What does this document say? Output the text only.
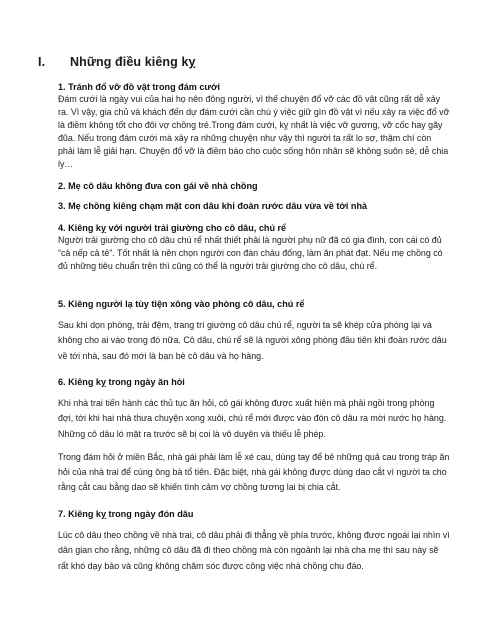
I. Những điều kiêng kỵ
1. Tránh đổ vỡ đồ vật trong đám cưới

Đám cưới là ngày vui của hai họ nên đông người, vì thế chuyện đổ vỡ các đồ vật cũng rất dễ xảy ra. Vì vậy, gia chủ và khách đến dự đám cưới cần chú ý việc giữ gìn đồ vật vì nếu xảy ra việc đổ vỡ là điềm không tốt cho đôi vợ chồng trẻ.Trong đám cưới, kỵ nhất là việc vỡ gương, vỡ cốc hay gãy đũa. Nếu trong đám cưới mà xảy ra những chuyện như vậy thì người ta rất lo sợ, thậm chí còn phải làm lễ giải hạn. Chuyện đổ vỡ là điềm báo cho cuộc sống hôn nhân sẽ không suôn sẻ, dễ chia ly…

2. Mẹ cô dâu không đưa con gái về nhà chồng
3. Mẹ chồng kiêng chạm mặt con dâu khi đoàn rước dâu vừa về tới nhà
4. Kiêng kỵ với người trải giường cho cô dâu, chú rể

Người trải giường cho cô dâu chú rể nhất thiết phải là người phụ nữ đã có gia đình, con cái có đủ “cả nếp cả tẻ”. Tốt nhất là nên chọn người con đàn cháu đống, làm ăn phát đạt. Nếu mẹ chồng có đủ những tiêu chuẩn trên thì cũng có thể là người trải giường cho cô dâu, chú rể.

5. Kiêng người lạ tùy tiện xông vào phòng cô dâu, chú rể

Sau khi dọn phòng, trải đệm, trang trí giường cô dâu chú rể, người ta sẽ khép cửa phòng lại và không cho ai vào trong đó nữa. Cô dâu, chú rể sẽ là người xông phòng đầu tiên khi đoàn rước dâu về tới nhà, sau đó mới là bạn bè cô dâu và họ hàng.

6. Kiêng kỵ trong ngày ăn hỏi

Khi nhà trai tiến hành các thủ tục ăn hỏi, cô gái không được xuất hiện mà phải ngồi trong phòng đợi, tới khi hai nhà thưa chuyện xong xuôi, chú rể mới được vào đón cô dâu ra mời nước họ hàng. Những cô dâu ló mặt ra trước sẽ bị coi là vô duyên và thiếu lễ phép.

Trong đám hỏi ở miền Bắc, nhà gái phải làm lễ xé cau, dùng tay để bẻ những quả cau trong tráp ăn hỏi của nhà trai để cúng ông bà tổ tiên. Đặc biệt, nhà gái không được dùng dao cắt vì người ta cho rằng cắt cau bằng dao sẽ khiến tình cảm vợ chồng tương lai bị chia cắt.

7. Kiêng kỵ trong ngày đón dâu

Lúc cô dâu theo chồng về nhà trai, cô dâu phải đi thẳng về phía trước, không được ngoái lại nhìn vì dân gian cho rằng, những cô dâu đã đi theo chồng mà còn ngoảnh lại nhà cha mẹ thì sau này sẽ rất khó dạy bảo và cũng không chăm sóc được công việc nhà chồng chu đáo.
